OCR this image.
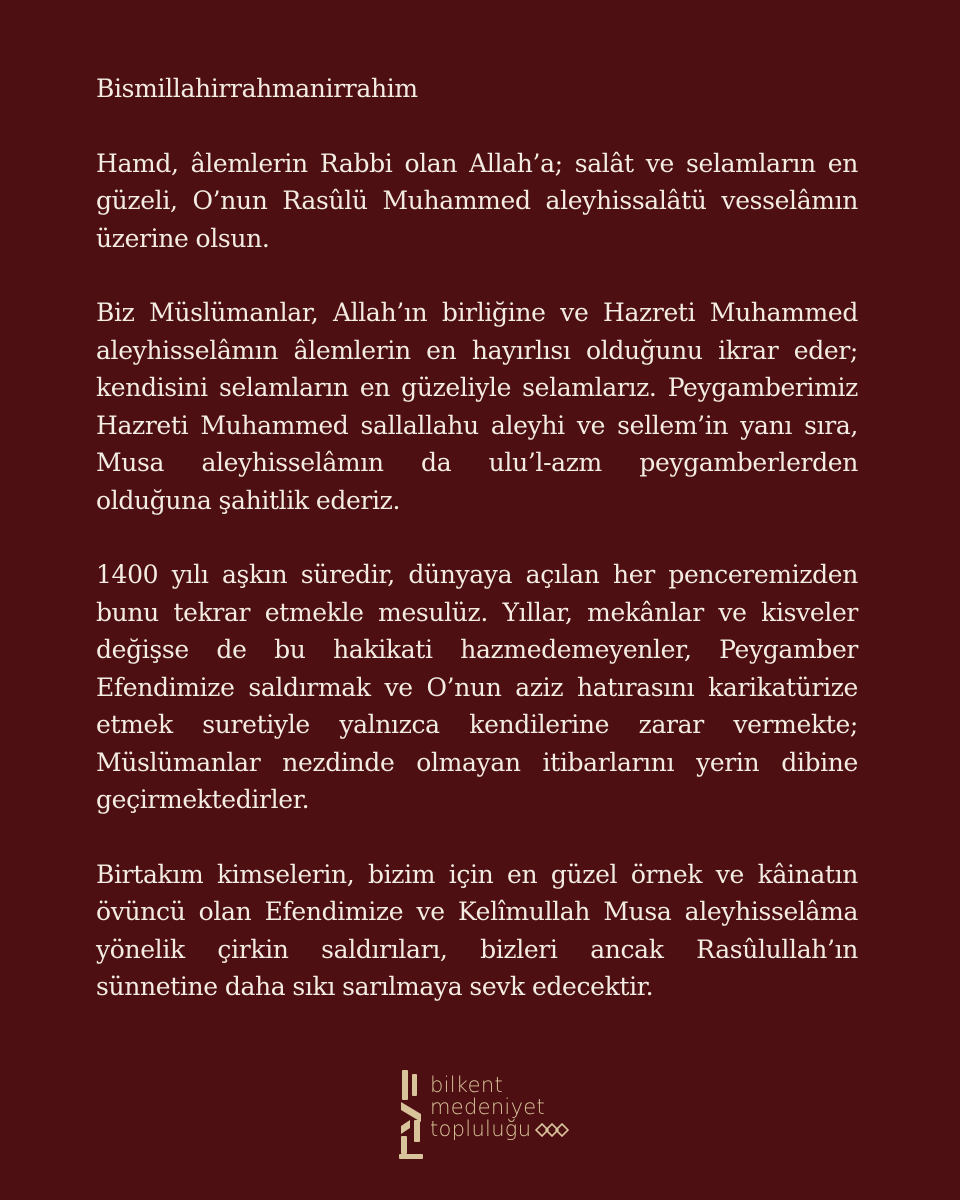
Bismillahirrahmanirrahim

Hamd, âlemlerin Rabbi olan Allah’a; salât ve selamların en güzeli, O’nun Rasûlü Muhammed aleyhissalâtü vesselâmın üzerine olsun.

Biz Müslümanlar, Allah’ın birliğine ve Hazreti Muhammed aleyhisselâmın âlemlerin en hayırlısı olduğunu ikrar eder; kendisini selamların en güzeliyle selamlarız. Peygamberimiz Hazreti Muhammed sallallahu aleyhi ve sellem’in yanı sıra, Musa aleyhisselâmın da ulu’l-azm peygamberlerden olduğuna şahitlik ederiz.

1400 yılı aşkın süredir, dünyaya açılan her penceremizden bunu tekrar etmekle mesulüz. Yıllar, mekânlar ve kisveler değişse de bu hakikati hazmedemeyenler, Peygamber Efendimize saldırmak ve O’nun aziz hatırasını karikatürize etmek suretiyle yalnızca kendilerine zarar vermekte; Müslümanlar nezdinde olmayan itibarlarını yerin dibine geçirmektedirler.

Birtakım kimselerin, bizim için en güzel örnek ve kâinatın övüncü olan Efendimize ve Kelîmullah Musa aleyhisselâma yönelik çirkin saldırıları, bizleri ancak Rasûlullah’ın sünnetine daha sıkı sarılmaya sevk edecektir.

bilkent
medeniyet
topluluğu
